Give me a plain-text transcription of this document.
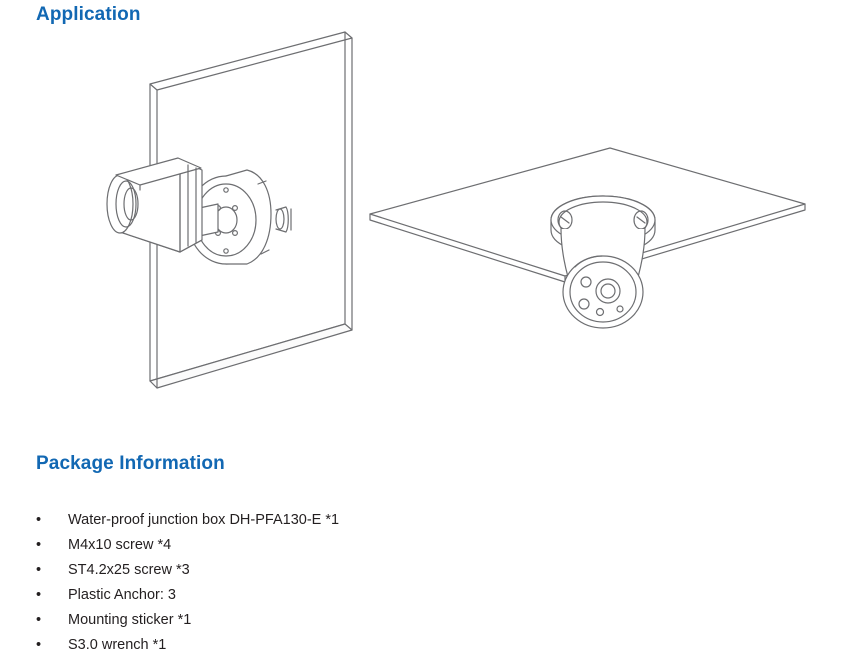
Application
Package Information
•	Water-proof junction box DH-PFA130-E *1
•	M4x10 screw *4
•	ST4.2x25 screw *3
•	Plastic Anchor: 3
•	Mounting sticker *1
•	S3.0 wrench *1
